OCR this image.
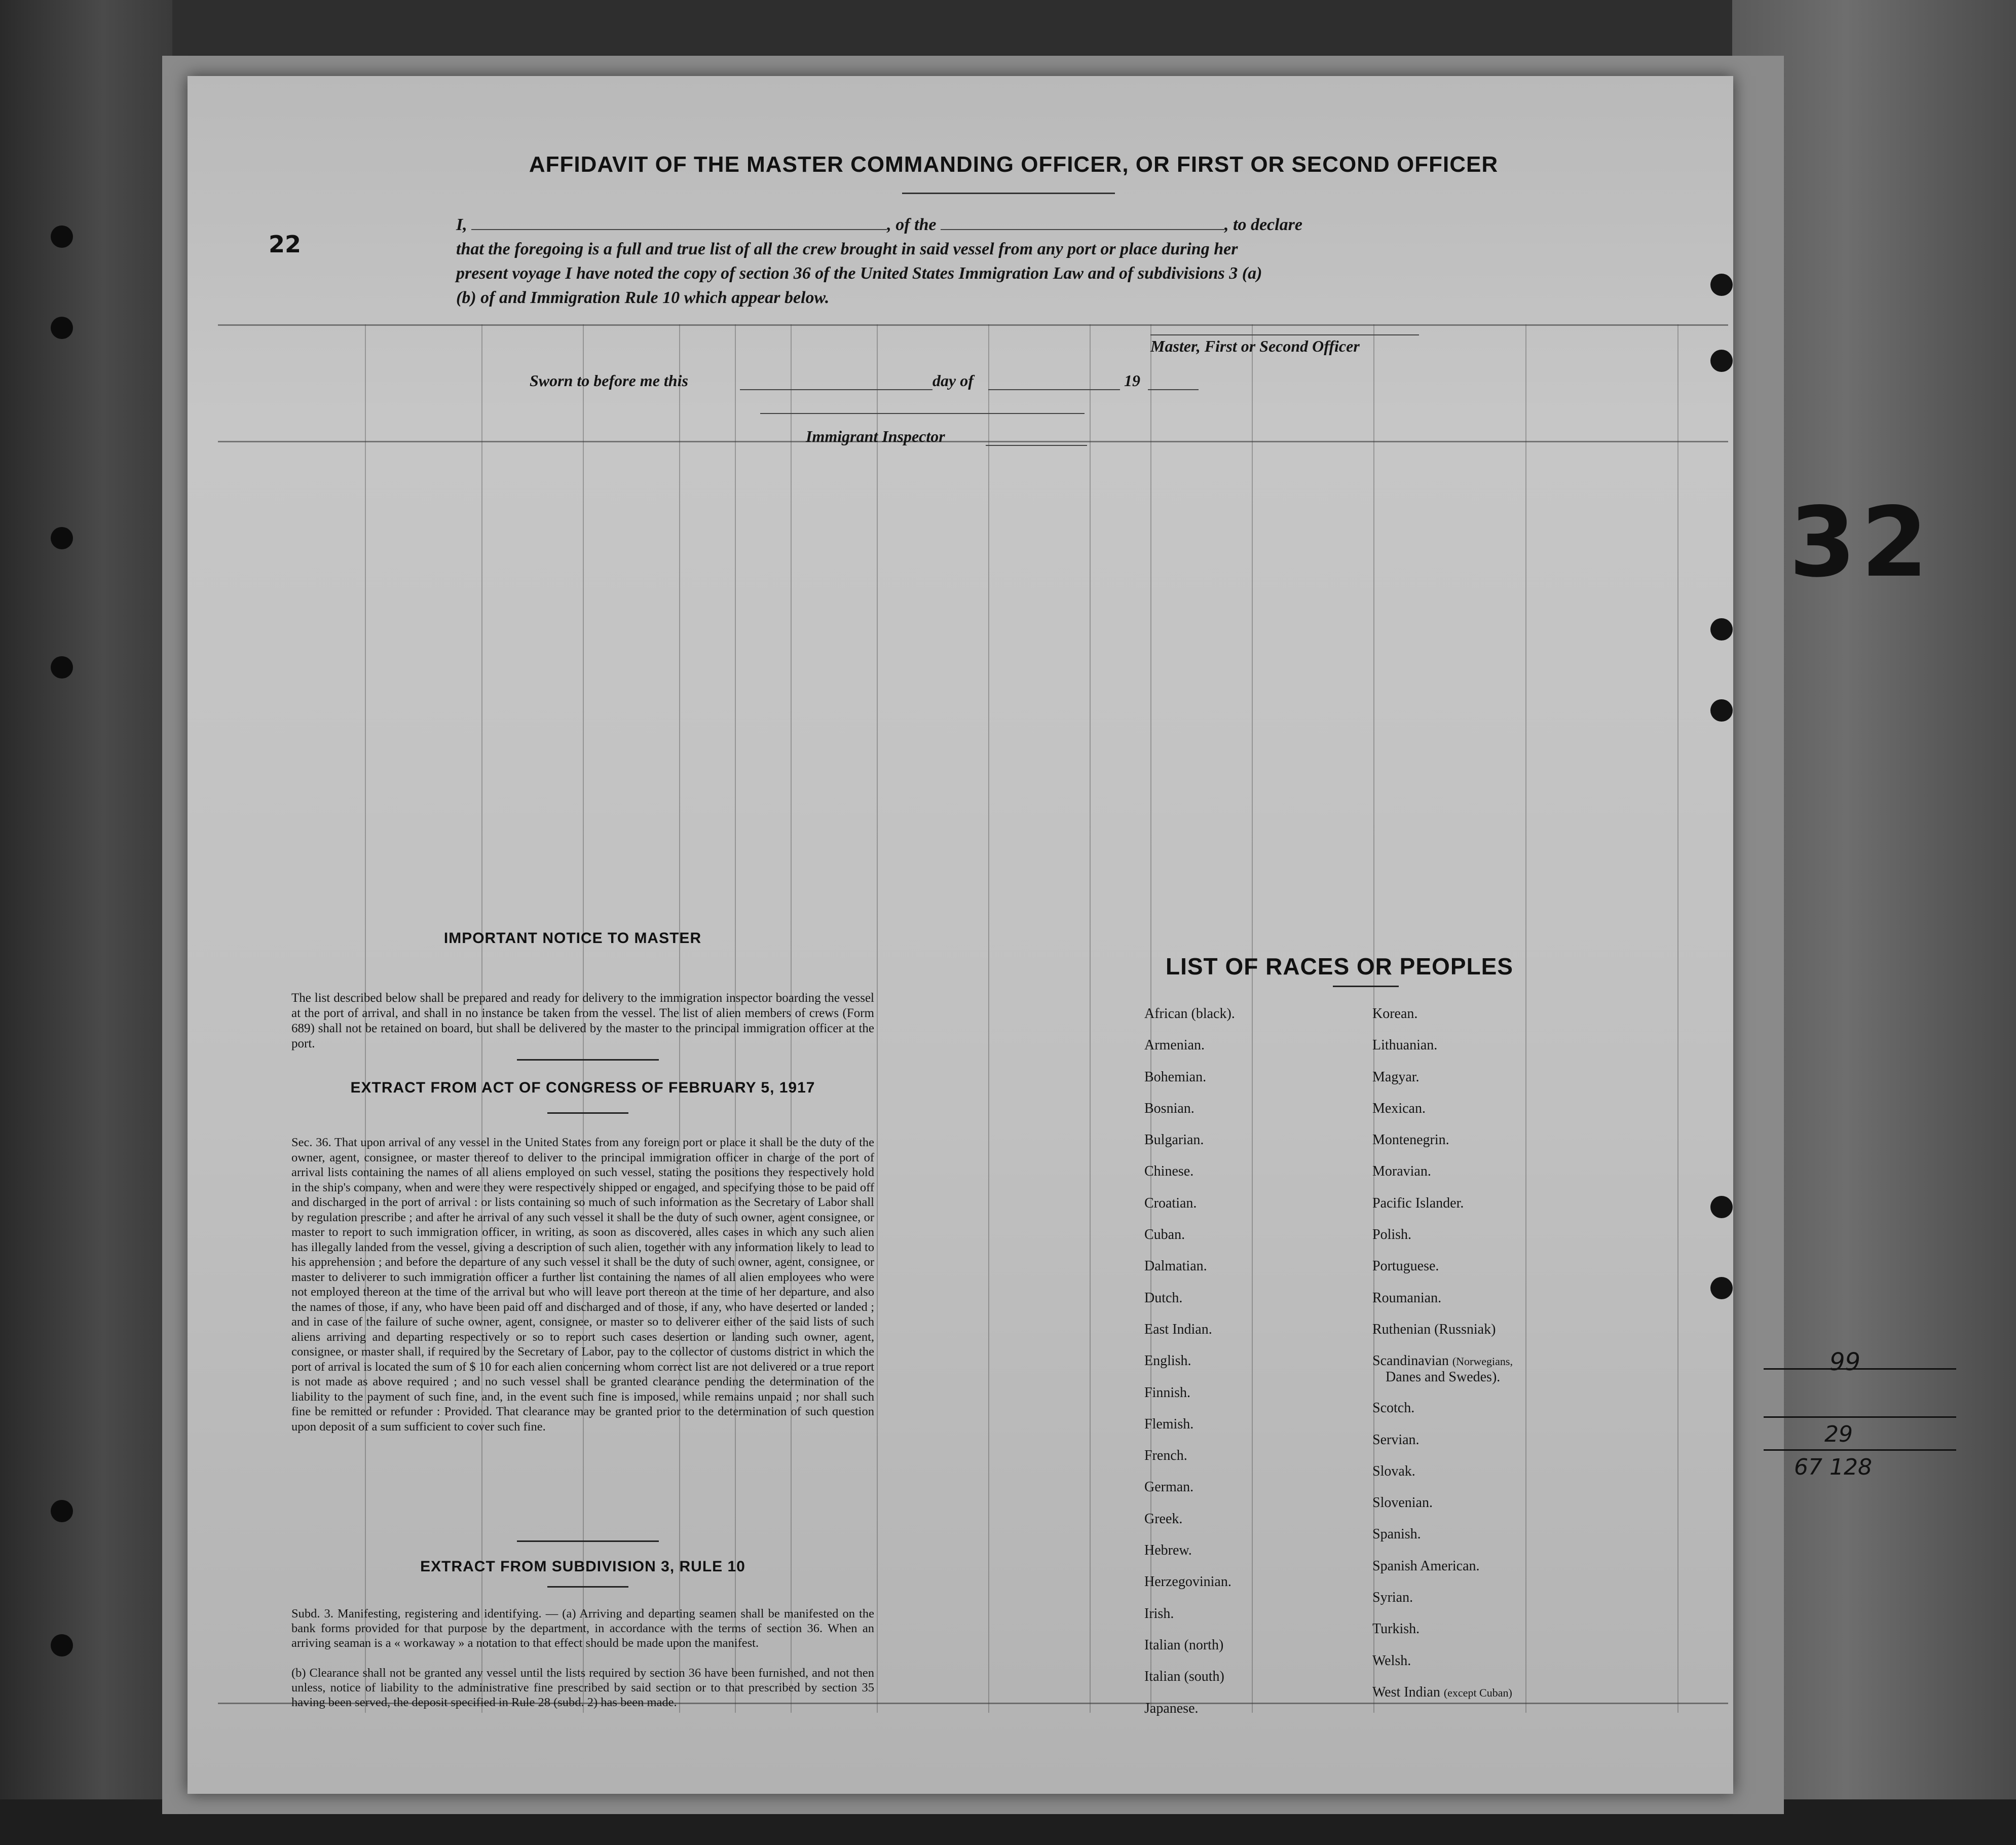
AFFIDAVIT OF THE MASTER COMMANDING OFFICER, OR FIRST OR SECOND OFFICER
I,	, of the	, to declare
that the foregoing is a full and true list of all the crew brought in said vessel from any port or place during her
present voyage I have noted the copy of section 36 of the United States Immigration Law and of subdivisions 3 (a)
(b) of and Immigration Rule 10 which appear below.
Master, First or Second Officer
Sworn to before me this	day of	19
Immigrant Inspector
IMPORTANT NOTICE TO MASTER
The list described below shall be prepared and ready for delivery to the immigration inspector boarding the vessel at the port of arrival, and shall in no instance be taken from the vessel. The list of alien members of crews (Form 689) shall not be retained on board, but shall be delivered by the master to the principal immigration officer at the port.
EXTRACT FROM ACT OF CONGRESS OF FEBRUARY 5, 1917
Sec. 36. That upon arrival of any vessel in the United States from any foreign port or place it shall be the duty of the owner, agent, consignee, or master thereof to deliver to the principal immigration officer in charge of the port of arrival lists containing the names of all aliens employed on such vessel, stating the positions they respectively hold in the ship's company, when and were they were respectively shipped or engaged, and specifying those to be paid off and discharged in the port of arrival : or lists containing so much of such information as the Secretary of Labor shall by regulation prescribe ; and after he arrival of any such vessel it shall be the duty of such owner, agent consignee, or master to report to such immigration officer, in writing, as soon as discovered, alles cases in which any such alien has illegally landed from the vessel, giving a description of such alien, together with any information likely to lead to his apprehension ; and before the departure of any such vessel it shall be the duty of such owner, agent, consignee, or master to deliverer to such immigration officer a further list containing the names of all alien employees who were not employed thereon at the time of the arrival but who will leave port thereon at the time of her departure, and also the names of those, if any, who have been paid off and discharged and of those, if any, who have deserted or landed ; and in case of the failure of suche owner, agent, consignee, or master so to deliverer either of the said lists of such aliens arriving and departing respectively or so to report such cases desertion or landing such owner, agent, consignee, or master shall, if required by the Secretary of Labor, pay to the collector of customs district in which the port of arrival is located the sum of $ 10 for each alien concerning whom correct list are not delivered or a true report is not made as above required ; and no such vessel shall be granted clearance pending the determination of the liability to the payment of such fine, and, in the event such fine is imposed, while remains unpaid ; nor shall such fine be remitted or refunder : Provided. That clearance may be granted prior to the determination of such question upon deposit of a sum sufficient to cover such fine.
EXTRACT FROM SUBDIVISION 3, RULE 10
Subd. 3. Manifesting, registering and identifying. — (a) Arriving and departing seamen shall be manifested on the bank forms provided for that purpose by the department, in accordance with the terms of section 36. When an arriving seaman is a « workaway » a notation to that effect should be made upon the manifest.
(b) Clearance shall not be granted any vessel until the lists required by section 36 have been furnished, and not then unless, notice of liability to the administrative fine prescribed by said section or to that prescribed by section 35 having been served, the deposit specified in Rule 28 (subd. 2) has been made.
LIST OF RACES OR PEOPLES
African (black).
Armenian.
Bohemian.
Bosnian.
Bulgarian.
Chinese.
Croatian.
Cuban.
Dalmatian.
Dutch.
East Indian.
English.
Finnish.
Flemish.
French.
German.
Greek.
Hebrew.
Herzegovinian.
Irish.
Italian (north)
Italian (south)
Japanese.
Korean.
Lithuanian.
Magyar.
Mexican.
Montenegrin.
Moravian.
Pacific Islander.
Polish.
Portuguese.
Roumanian.
Ruthenian (Russniak)
Scandinavian (Norwegians,
Danes and Swedes).
Scotch.
Servian.
Slovak.
Slovenian.
Spanish.
Spanish American.
Syrian.
Turkish.
Welsh.
West Indian (except Cuban)
32
99
29
67 128
22
